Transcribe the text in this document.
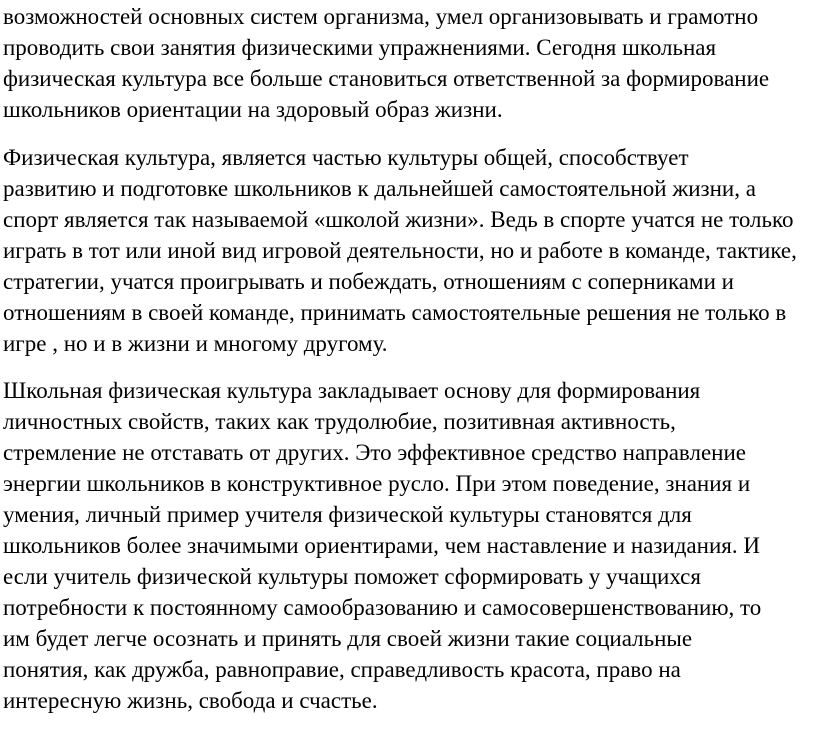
возможностей основных систем организма, умел организовывать и грамотно
проводить свои занятия физическими упражнениями. Сегодня школьная
физическая культура все больше становиться ответственной за формирование
школьников ориентации на здоровый образ жизни.
Физическая культура, является частью культуры общей, способствует
развитию и подготовке школьников к дальнейшей самостоятельной жизни, а
спорт является так называемой «школой жизни». Ведь в спорте учатся не только
играть в тот или иной вид игровой деятельности, но и работе в команде, тактике,
стратегии, учатся проигрывать и побеждать, отношениям с соперниками и
отношениям в своей команде, принимать самостоятельные решения не только в
игре , но и в жизни и многому другому.
Школьная физическая культура закладывает основу для формирования
личностных свойств, таких как трудолюбие, позитивная активность,
стремление не отставать от других. Это эффективное средство направление
энергии школьников в конструктивное русло. При этом поведение, знания и
умения, личный пример учителя физической культуры становятся для
школьников более значимыми ориентирами, чем наставление и назидания. И
если учитель физической культуры поможет сформировать у учащихся
потребности к постоянному самообразованию и самосовершенствованию, то
им будет легче осознать и принять для своей жизни такие социальные
понятия, как дружба, равноправие, справедливость красота, право на
интересную жизнь, свобода и счастье.
